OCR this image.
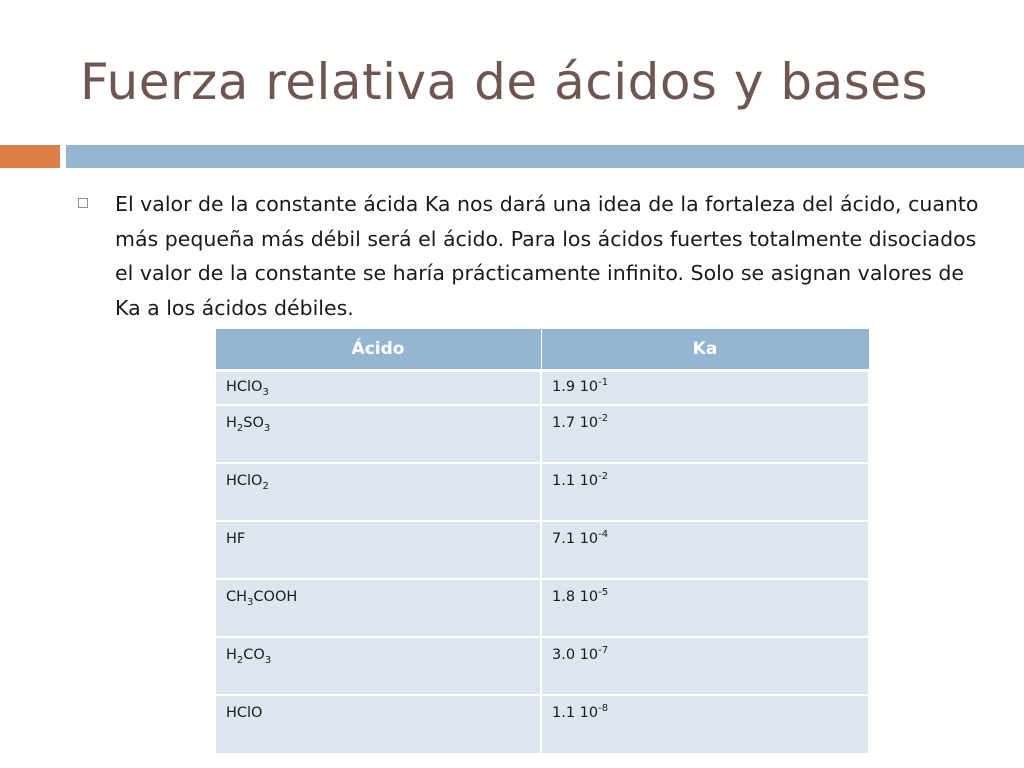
Fuerza relativa de ácidos y bases

El valor de la constante ácida Ka nos dará una idea de la fortaleza del ácido, cuanto más pequeña más débil será el ácido. Para los ácidos fuertes totalmente disociados el valor de la constante se haría prácticamente infinito. Solo se asignan valores de Ka a los ácidos débiles.

Ácido	Ka
HClO$_3$	1.9 $10^{-1}$
$H_2SO_3$	1.7 $10^{-2}$
HClO$_2$	1.1 $10^{-2}$
HF	7.1 $10^{-4}$
$CH_3COOH$	1.8 $10^{-5}$
$H_2CO_3$	3.0 $10^{-7}$
HClO	1.1 $10^{-8}$
